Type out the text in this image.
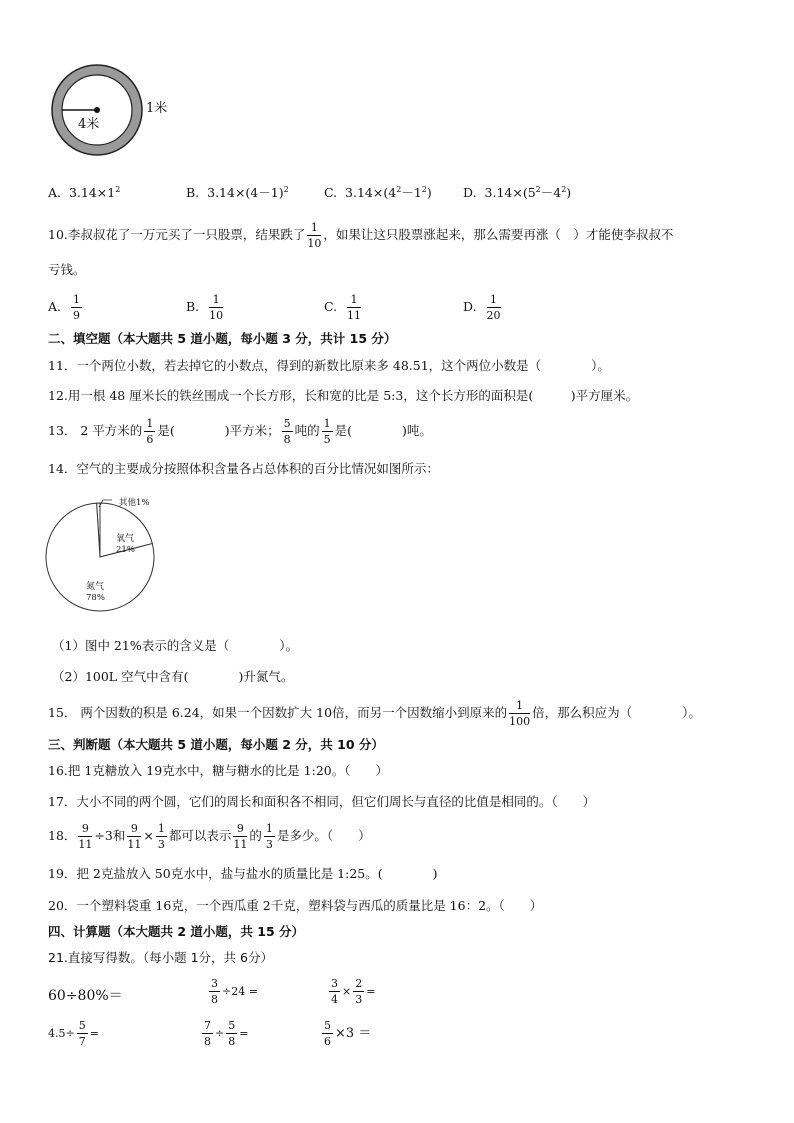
4米
1米
A. $3.14\times 1^2$	B. $3.14\times(4-1)^2$	C. $3.14\times(4^2-1^2)$	D. $3.14\times(5^2-4^2)$
10.李叔叔花了一万元买了一只股票，结果跌了 $\frac{1}{10}$ ，如果让这只股票涨起来，那么需要再涨（　）才能使李叔叔不
亏钱。
A. $\frac{1}{9}$	B. $\frac{1}{10}$	C. $\frac{1}{11}$	D. $\frac{1}{20}$
二、填空题（本大题共 5 道小题，每小题 3 分，共计 15 分）
11．一个两位小数，若去掉它的小数点，得到的新数比原来多 48.51，这个两位小数是（　　　　）。
12.用一根 48 厘米长的铁丝围成一个长方形，长和宽的比是 5:3，这个长方形的面积是(　　　)平方厘米。
13． 2 平方米的 $\frac{1}{6}$ 是(　　　　)平方米； $\frac{5}{8}$ 吨的 $\frac{1}{5}$ 是(　　　　)吨。
14．空气的主要成分按照体积含量各占总体积的百分比情况如图所示：
其他1%
氧气
21%
氮气
78%
（1）图中 21%表示的含义是（　　　　）。
（2）100L 空气中含有(　　　　)升氮气。
15． 两个因数的积是 6.24，如果一个因数扩大 10倍，而另一个因数缩小到原来的 $\frac{1}{100}$ 倍，那么积应为（　　　　）。
三、判断题（本大题共 5 道小题，每小题 2 分，共 10 分）
16.把 1克糖放入 19克水中，糖与糖水的比是 1:20。（　　）
17．大小不同的两个圆，它们的周长和面积各不相同，但它们周长与直径的比值是相同的。（　　）
18． $\frac{9}{11} \div 3$和 $\frac{9}{11} \times \frac{1}{3}$ 都可以表示 $\frac{9}{11}$ 的 $\frac{1}{3}$ 是多少。（　　）
19．把 2克盐放入 50克水中，盐与盐水的质量比是 1:25。(　　　　)
20．一个塑料袋重 16克，一个西瓜重 2千克，塑料袋与西瓜的质量比是 16：2。（　　）
四、计算题（本大题共 2 道小题，共 15 分）
21.直接写得数。（每小题 1分，共 6分）
60÷80%＝	$\frac{3}{8} \div 24$ =	$\frac{3}{4} \times \frac{2}{3}$ =
$4.5\div \frac{5}{7}$ =	$\frac{7}{8} \div \frac{5}{8}$ =	$\frac{5}{6} \times 3$ ＝
